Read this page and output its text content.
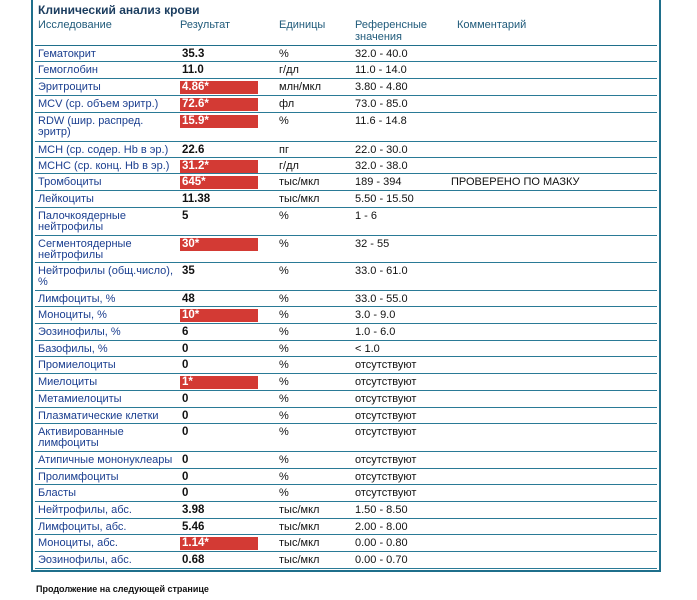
Клинический анализ крови
Исследование	Результат	Единицы	Референсные
значения
Комментарий
Гематокрит	35.3	%	32.0 - 40.0
Гемоглобин	11.0	г/дл	11.0 - 14.0
Эритроциты	4.86*	млн/мкл	3.80 - 4.80
MCV (ср. объем эритр.)	72.6*	фл	73.0 - 85.0
RDW (шир. распред. эритр)
15.9*	%	11.6 - 14.8
MCH (ср. содер. Hb в эр.)	22.6	пг	22.0 - 30.0
MCHC (ср. конц. Hb в эр.)	31.2*	г/дл	32.0 - 38.0
Тромбоциты	645*	тыс/мкл	189 - 394	ПРОВЕРЕНО ПО МАЗКУ
Лейкоциты	11.38	тыс/мкл	5.50 - 15.50
Палочкоядерные нейтрофилы
5	%	1 - 6
Сегментоядерные нейтрофилы
30*	%	32 - 55
Нейтрофилы (общ.число), %
35	%	33.0 - 61.0
Лимфоциты, %	48	%	33.0 - 55.0
Моноциты, %	10*	%	3.0 - 9.0
Эозинофилы, %	6	%	1.0 - 6.0
Базофилы, %	0	%	< 1.0
Промиелоциты	0	%	отсутствуют
Миелоциты	1*	%	отсутствуют
Метамиелоциты	0	%	отсутствуют
Плазматические клетки	0	%	отсутствуют
Активированные лимфоциты
0	%	отсутствуют
Атипичные мононуклеары 0	%	отсутствуют
Пролимфоциты	0	%	отсутствуют
Бласты	0	%	отсутствуют
Нейтрофилы, абс.	3.98	тыс/мкл	1.50 - 8.50
Лимфоциты, абс.	5.46	тыс/мкл	2.00 - 8.00
Моноциты, абс.	1.14*	тыс/мкл	0.00 - 0.80
Эозинофилы, абс.	0.68	тыс/мкл	0.00 - 0.70
Продолжение на следующей странице
